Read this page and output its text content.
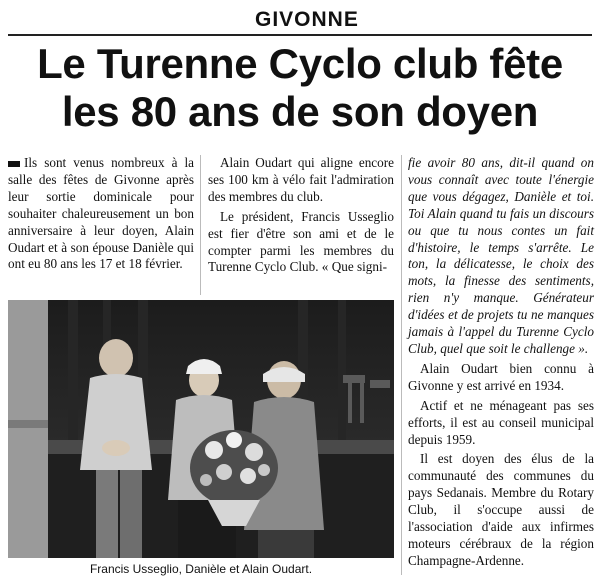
GIVONNE
Le Turenne Cyclo club fête
les 80 ans de son doyen

Ils sont venus nombreux à la salle des fêtes de Givonne après leur sortie dominicale pour souhaiter chaleureusement un bon anniversaire à leur doyen, Alain Oudart et à son épouse Danièle qui ont eu 80 ans les 17 et 18 février.

Alain Oudart qui aligne encore ses 100 km à vélo fait l'admiration des membres du club.

Le président, Francis Usseglio est fier d'être son ami et de le compter parmi les membres du Turenne Cyclo Club. « Que signi-

fie avoir 80 ans, dit-il quand on vous connaît avec toute l'énergie que vous dégagez, Danièle et toi. Toi Alain quand tu fais un discours ou que tu nous contes un fait d'histoire, le temps s'arrête. Le ton, la délicatesse, le choix des mots, la finesse des sentiments, rien n'y manque. Générateur d'idées et de projets tu ne manques jamais à l'appel du Turenne Cyclo Club, quel que soit le challenge ».

Alain Oudart bien connu à Givonne y est arrivé en 1934.

Actif et ne ménageant pas ses efforts, il est au conseil municipal depuis 1959.

Il est doyen des élus de la communauté des communes du pays Sedanais. Membre du Rotary Club, il s'occupe aussi de l'association d'aide aux infirmes moteurs cérébraux de la région Champagne-Ardenne.

Francis Usseglio, Danièle et Alain Oudart.
